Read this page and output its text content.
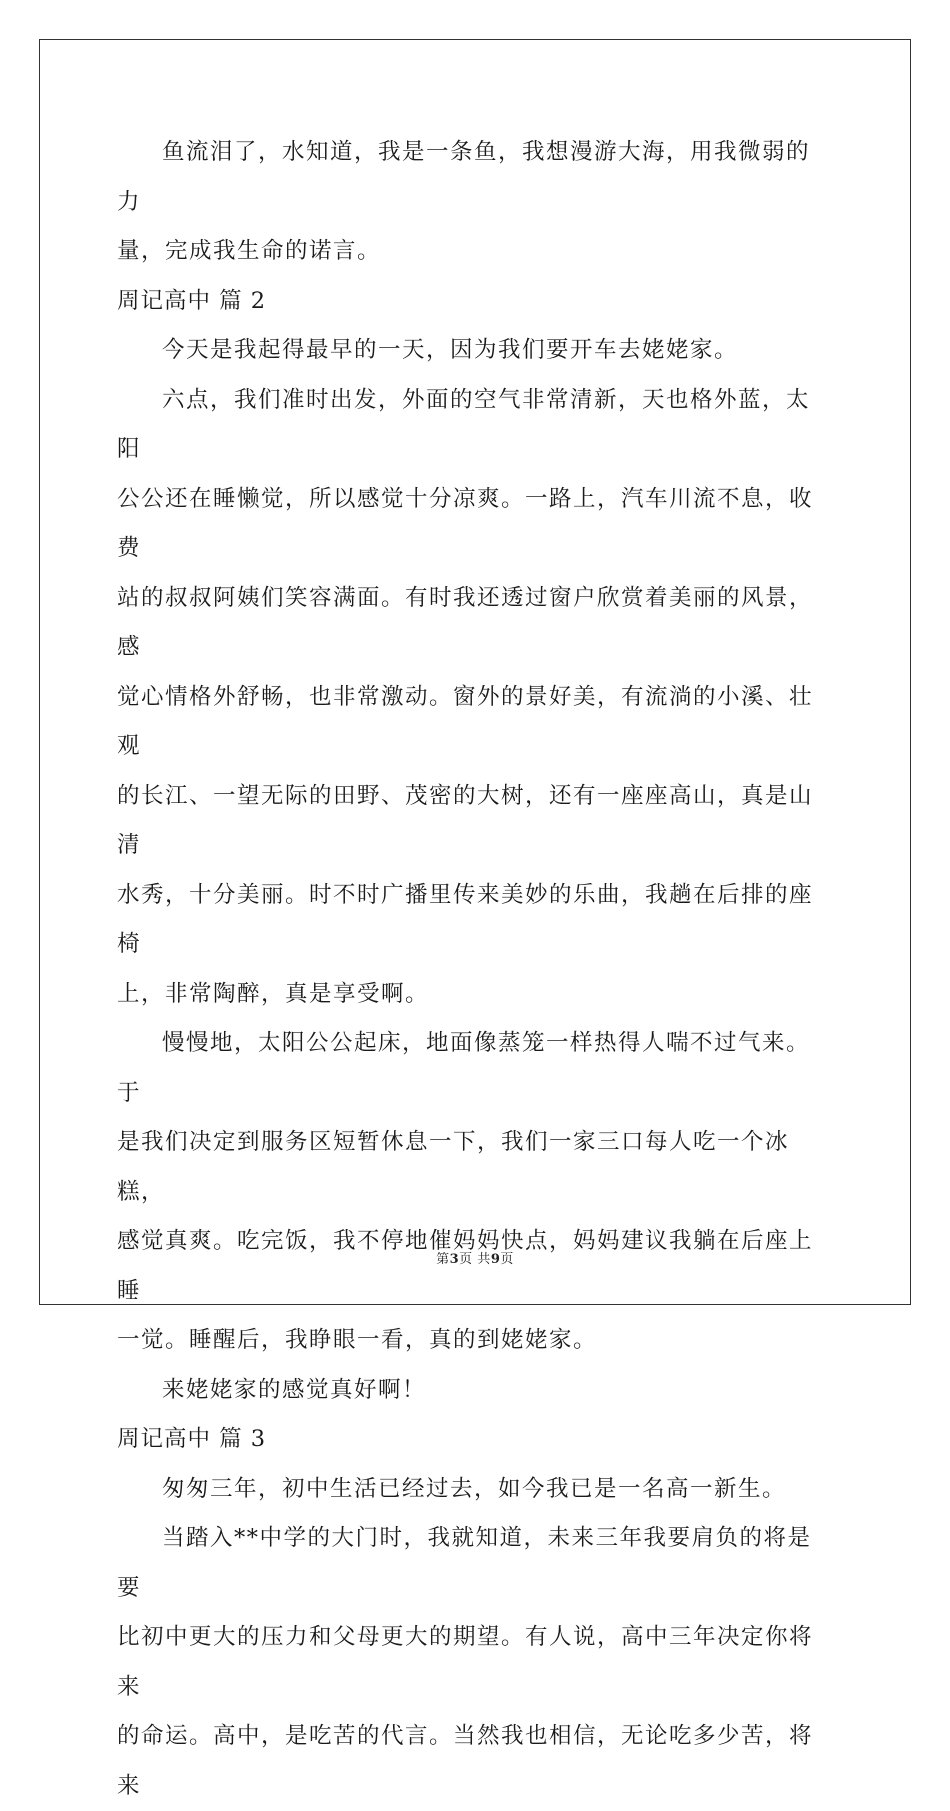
鱼流泪了，水知道，我是一条鱼，我想漫游大海，用我微弱的力
量，完成我生命的诺言。

周记高中 篇 2

今天是我起得最早的一天，因为我们要开车去姥姥家。

六点，我们准时出发，外面的空气非常清新，天也格外蓝，太阳
公公还在睡懒觉，所以感觉十分凉爽。一路上，汽车川流不息，收费
站的叔叔阿姨们笑容满面。有时我还透过窗户欣赏着美丽的风景，感
觉心情格外舒畅，也非常激动。窗外的景好美，有流淌的小溪、壮观
的长江、一望无际的田野、茂密的大树，还有一座座高山，真是山清
水秀，十分美丽。时不时广播里传来美妙的乐曲，我趟在后排的座椅
上，非常陶醉，真是享受啊。

慢慢地，太阳公公起床，地面像蒸笼一样热得人喘不过气来。于
是我们决定到服务区短暂休息一下，我们一家三口每人吃一个冰糕，
感觉真爽。吃完饭，我不停地催妈妈快点，妈妈建议我躺在后座上睡
一觉。睡醒后，我睁眼一看，真的到姥姥家。

来姥姥家的感觉真好啊！

周记高中 篇 3

匆匆三年，初中生活已经过去，如今我已是一名高一新生。

当踏入**中学的大门时，我就知道，未来三年我要肩负的将是要
比初中更大的压力和父母更大的期望。有人说，高中三年决定你将来
的命运。高中，是吃苦的代言。当然我也相信，无论吃多少苦，将来

第3页 共9页
